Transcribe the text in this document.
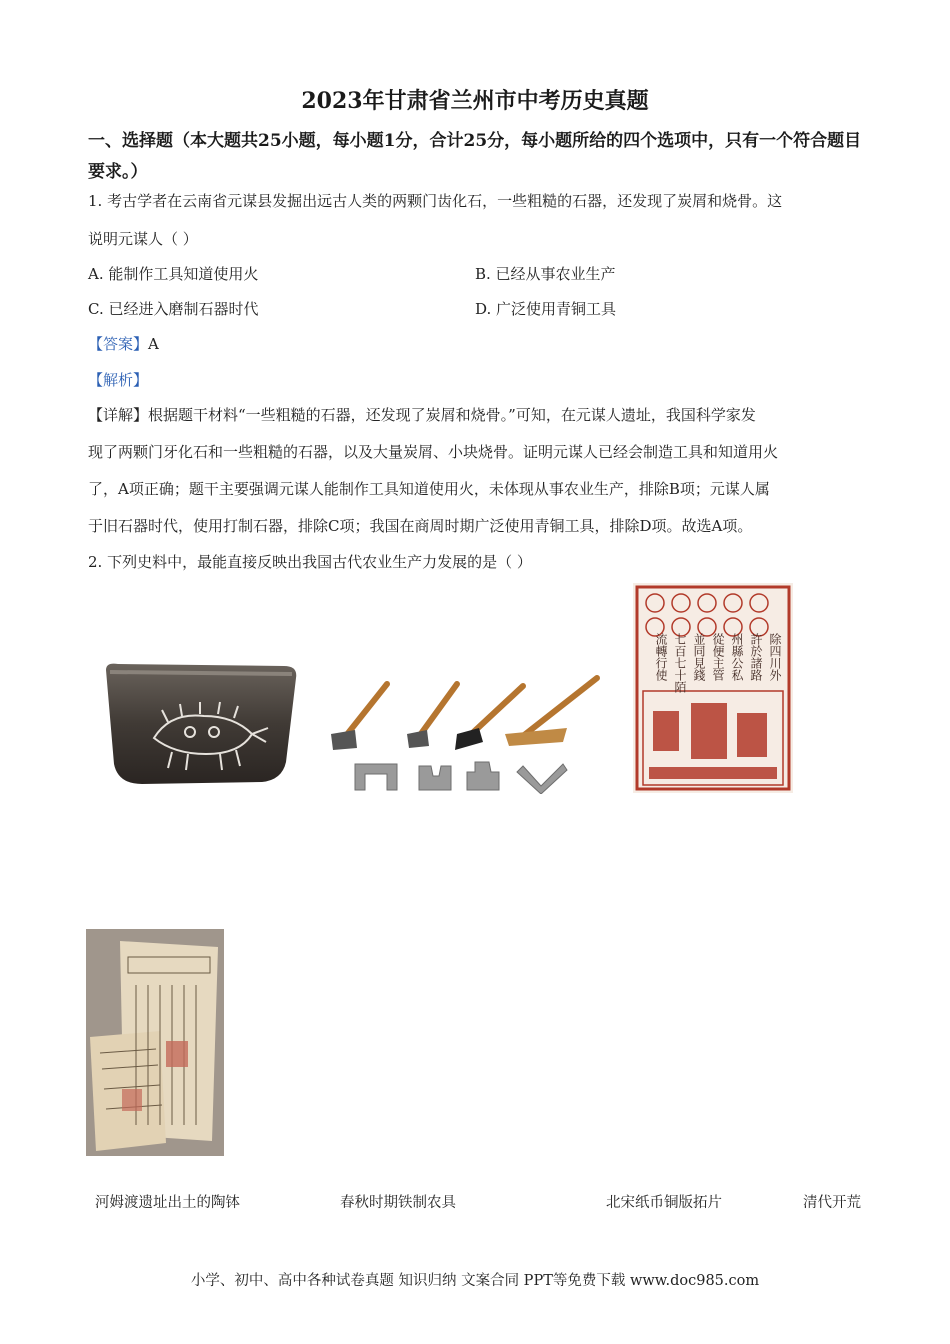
2023年甘肃省兰州市中考历史真题
一、选择题（本大题共25小题，每小题1分，合计25分，每小题所给的四个选项中，只有一个符合题目要求。）
1. 考古学者在云南省元谋县发掘出远古人类的两颗门齿化石，一些粗糙的石器，还发现了炭屑和烧骨。这
说明元谋人（ ）
A. 能制作工具知道使用火	B. 已经从事农业生产
C. 已经进入磨制石器时代	D. 广泛使用青铜工具
【答案】A
【解析】
【详解】根据题干材料“一些粗糙的石器，还发现了炭屑和烧骨。”可知，在元谋人遗址，我国科学家发
现了两颗门牙化石和一些粗糙的石器，以及大量炭屑、小块烧骨。证明元谋人已经会制造工具和知道用火
了，A项正确；题干主要强调元谋人能制作工具知道使用火，未体现从事农业生产，排除B项；元谋人属
于旧石器时代，使用打制石器，排除C项；我国在商周时期广泛使用青铜工具，排除D项。故选A项。
2. 下列史料中，最能直接反映出我国古代农业生产力发展的是（ ）
除四川外
許於諸路
州縣公私
從便主管
並同見錢
七百七十陌
流轉行使
河姆渡遗址出土的陶钵	春秋时期铁制农具	北宋纸币铜版拓片	清代开荒
小学、初中、高中各种试卷真题 知识归纳 文案合同 PPT等免费下载 www.doc985.com
